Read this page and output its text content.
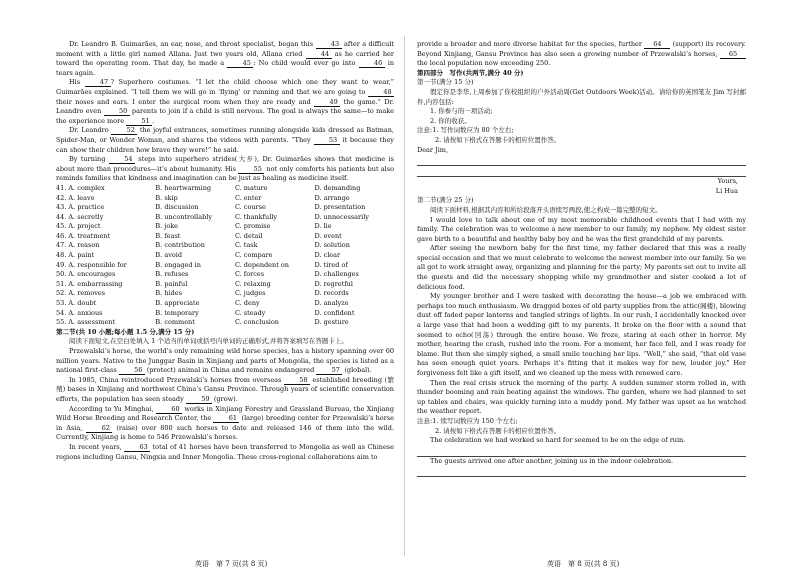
Dr. Leandro B. Guimarães, an ear, nose, and throat specialist, began this 43 after a difficult moment with a little girl named Allana. Just two years old, Allana cried 44 as he carried her toward the operating room. That day, he made a 45 : No child would ever go into 46 in tears again.

His 47 ? Superhero costumes. “I let the child choose which one they want to wear,” Guimarães explained. “I tell them we will go in ‘flying’ or running and that we are going to 48 their noses and ears. I enter the surgical room when they are ready and 49 the game.” Dr. Leandro even 50 parents to join if a child is still nervous. The goal is always the same—to make the experience more 51 .

Dr. Leandro 52 the joyful entrances, sometimes running alongside kids dressed as Batman, Spider-Man, or Wonder Woman, and shares the videos with parents. “They 53 it because they can show their children how brave they were!” he said.

By turning 54 steps into superhero strides(大步), Dr. Guimarães shows that medicine is about more than procedures—it’s about humanity. His 55 not only comforts his patients but also reminds families that kindness and imagination can be just as healing as medicine itself.

41. A. complex	B. heartwarming	C. mature	D. demanding
42. A. leave	B. skip	C. enter	D. arrange
43. A. practice	B. discussion	C. course	D. presentation
44. A. secretly	B. uncontrollably	C. thankfully	D. unnecessarily
45. A. project	B. joke	C. promise	D. lie
46. A. treatment	B. feast	C. detail	D. event
47. A. reason	B. contribution	C. task	D. solution
48. A. paint	B. avoid	C. compare	D. clear
49. A. responsible for	B. engaged in	C. dependent on	D. tired of
50. A. encourages	B. refuses	C. forces	D. challenges
51. A. embarrassing	B. painful	C. relaxing	D. regretful
52. A. removes	B. hides	C. judges	D. records
53. A. doubt	B. appreciate	C. deny	D. analyze
54. A. anxious	B. temporary	C. steady	D. confident
55. A. assessment	B. comment	C. conclusion	D. gesture

第二节(共 10 小题;每小题 1.5 分,满分 15 分)

阅读下面短文,在空白处填入 1 个适当的单词或括号内单词的正确形式,并将答案填写在答题卡上。

Przewalski’s horse, the world’s only remaining wild horse species, has a history spanning over 60 million years. Native to the Junggar Basin in Xinjiang and parts of Mongolia, the species is listed as a national first-class 56 (protect) animal in China and remains endangered 57 (global).

In 1985, China reintroduced Przewalski’s horses from overseas 58 established breeding (繁殖) bases in Xinjiang and northwest China’s Gansu Province. Through years of scientific conservation efforts, the population has seen steady 59 (grow).

According to Yu Minghai, 60 works in Xinjiang Forestry and Grassland Bureau, the Xinjiang Wild Horse Breeding and Research Center, the 61 (large) breeding center for Przewalski’s horse in Asia, 62 (raise) over 800 such horses to date and released 146 of them into the wild. Currently, Xinjiang is home to 546 Przewalski’s horses.

In recent years, 63 total of 41 horses have been transferred to Mongolia as well as Chinese regions including Gansu, Ningxia and Inner Mongolia. These cross-regional collaborations aim to

provide a broader and more diverse habitat for the species, further 64 (support) its recovery. Beyond Xinjiang, Gansu Province has also seen a growing number of Przewalski’s horses, 65 the local population now exceeding 250.

第四部分　写作(共两节,满分 40 分)

第一节(满分 15 分)

假定你是李华,上周参加了你校组织的户外活动周(Get Outdoors Week)活动。请给你的英国笔友 Jim 写封邮件,内容包括:

1. 你参与的一项活动;

2. 你的收获。

注意:1. 写作词数应为 80 个左右;

2. 请按如下格式在答题卡的相应位置作答。

Dear Jim,

Yours,

Li Hua

第二节(满分 25 分)

阅读下面材料,根据其内容和所给段落开头语续写两段,使之构成一篇完整的短文。

I would love to talk about one of my most memorable childhood events that I had with my family. The celebration was to welcome a new member to our family, my nephew. My eldest sister gave birth to a beautiful and healthy baby boy and he was the first grandchild of my parents.

After seeing the newborn baby for the first time, my father declared that this was a really special occasion and that we must celebrate to welcome the newest member into our family. So we all got to work straight away, organizing and planning for the party; My parents set out to invite all the guests and did the necessary shopping while my grandmother and sister cooked a lot of delicious food.

My younger brother and I were tasked with decorating the house—a job we embraced with perhaps too much enthusiasm. We dragged boxes of old party supplies from the attic(阁楼), blowing dust off faded paper lanterns and tangled strings of lights. In our rush, I accidentally knocked over a large vase that had been a wedding gift to my parents. It broke on the floor with a sound that seemed to echo(回荡) through the entire house. We froze, staring at each other in horror. My mother, hearing the crash, rushed into the room. For a moment, her face fell, and I was ready for blame. But then she simply sighed, a small smile touching her lips. “Well,” she said, “that old vase has seen enough quiet years. Perhaps it’s fitting that it makes way for new, louder joy.” Her forgiveness felt like a gift itself, and we cleaned up the mess with renewed care.

Then the real crisis struck the morning of the party. A sudden summer storm rolled in, with thunder booming and rain beating against the windows. The garden, where we had planned to set up tables and chairs, was quickly turning into a muddy pond. My father was upset as he watched the weather report.

注意:1. 续写词数应为 150 个左右;

2. 请按如下格式在答题卡的相应位置作答。

The celebration we had worked so hard for seemed to be on the edge of ruin.

The guests arrived one after another, joining us in the indoor celebration.

英语　第 7 页(共 8 页)	英语　第 8 页(共 8 页)
